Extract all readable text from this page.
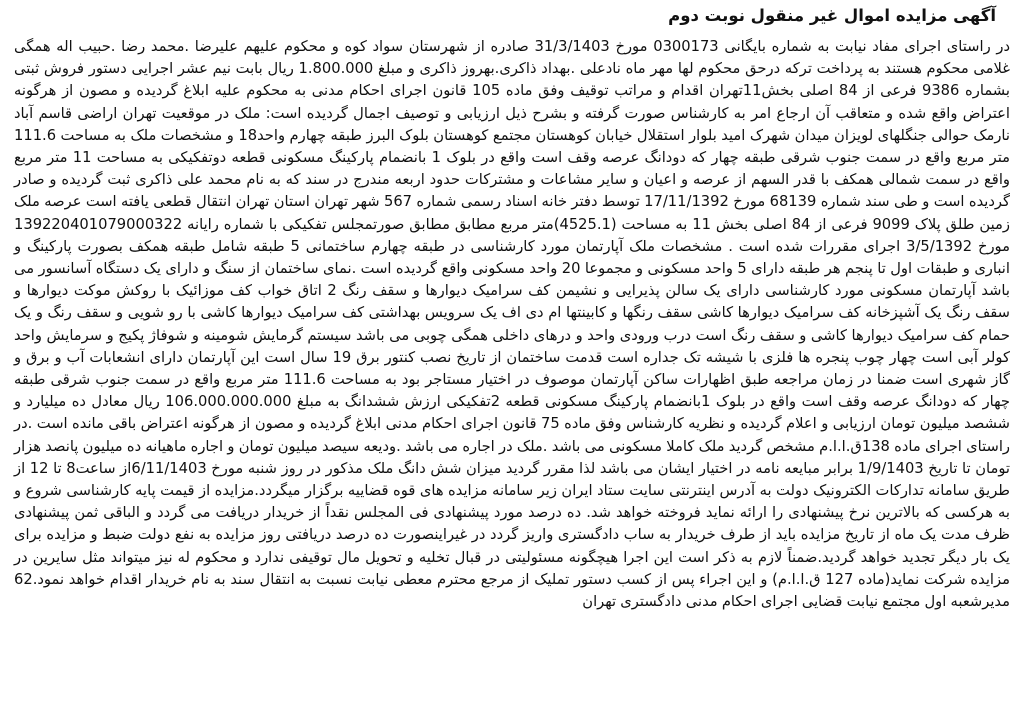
آگهی مزایده اموال غیر منقول نوبت دوم

در راستای اجرای مفاد نیابت به شماره بایگانی 0300173 مورخ 31/3/1403 صادره از شهرستان سواد کوه و محکوم علیهم علیرضا .محمد رضا .حبیب اله همگی غلامی محکوم هستند به پرداخت ترکه درحق محکوم لها مهر ماه نادعلی .بهداد ذاکری.بهروز ذاکری و مبلغ 1.800.000 ریال بابت نیم عشر اجرایی دستور فروش ثبتی بشماره 9386 فرعی از 84 اصلی بخش11تهران اقدام و مراتب توقیف وفق ماده 105 قانون اجرای احکام مدنی به محکوم علیه ابلاغ گردیده و مصون از هرگونه اعتراض واقع شده و متعاقب آن ارجاع امر به کارشناس صورت گرفته و بشرح ذیل ارزیابی و توصیف اجمال گردیده است: ملک در موقعیت تهران اراضی قاسم آباد نارمک حوالی جنگلهای لویزان میدان شهرک امید بلوار استقلال خیابان کوهستان مجتمع کوهستان بلوک البرز طبقه چهارم واحد18 و مشخصات ملک به مساحت 111.6 متر مربع واقع در سمت جنوب شرقی طبقه چهار که دودانگ عرصه وقف است واقع در بلوک 1 بانضمام پارکینگ مسکونی قطعه دوتفکیکی به مساحت 11 متر مربع واقع در سمت شمالی همکف با قدر السهم از عرصه و اعیان و سایر مشاعات و مشترکات حدود اربعه مندرج در سند که به نام محمد علی ذاکری ثبت گردیده و صادر گردیده است و طی سند شماره 68139 مورخ 17/11/1392 توسط دفتر خانه اسناد رسمی شماره 567 شهر تهران استان تهران انتقال قطعی یافته است عرصه ملک زمین طلق پلاک 9099 فرعی از 84 اصلی بخش 11 به مساحت (4525.1)متر مربع مطابق مطابق صورتمجلس تفکیکی با شماره رایانه 139220401079000322 مورخ 3/5/1392 اجرای مقررات شده است . مشخصات ملک آپارتمان مورد کارشناسی در طبقه چهارم ساختمانی 5 طبقه شامل طبقه همکف بصورت پارکینگ و انباری و طبقات اول تا پنجم هر طبقه دارای 5 واحد مسکونی و مجموعا 20 واحد مسکونی واقع گردیده است .نمای ساختمان از سنگ و دارای یک دستگاه آسانسور می باشد آپارتمان مسکونی مورد کارشناسی دارای یک سالن پذیرایی و نشیمن کف سرامیک دیوارها و سقف رنگ 2 اتاق خواب کف موزائیک با روکش موکت دیوارها و سقف رنگ یک آشپزخانه کف سرامیک دیوارها کاشی سقف رنگها و کابینتها ام دی اف یک سرویس بهداشتی کف سرامیک دیوارها کاشی با رو شویی و سقف رنگ و یک حمام کف سرامیک دیوارها کاشی و سقف رنگ است درب ورودی واحد و درهای داخلی همگی چوبی می باشد سیستم گرمایش شومینه و شوفاژ پکیج و سرمایش واحد کولر آبی است چهار چوب پنجره ها فلزی با شیشه تک جداره است قدمت ساختمان از تاریخ نصب کنتور برق 19 سال است این آپارتمان دارای انشعابات آب و برق و گاز شهری است ضمنا در زمان مراجعه طبق اظهارات ساکن آپارتمان موصوف در اختیار مستاجر بود به مساحت 111.6 متر مربع واقع در سمت جنوب شرقی طبقه چهار که دودانگ عرصه وقف است واقع در بلوک 1بانضمام پارکینگ مسکونی قطعه 2تفکیکی ارزش ششدانگ به مبلغ 106.000.000.000 ریال معادل ده میلیارد و ششصد میلیون تومان ارزیابی و اعلام گردیده و نظریه کارشناس وفق ماده 75 قانون اجرای احکام مدنی ابلاغ گردیده و مصون از هرگونه اعتراض باقی مانده است .در راستای اجرای ماده 138ق.ا.ا.م مشخص گردید ملک کاملا مسکونی می باشد .ملک در اجاره می باشد .ودیعه سیصد میلیون تومان و اجاره ماهیانه ده میلیون پانصد هزار تومان تا تاریخ 1/9/1403 برابر مبایعه نامه در اختیار ایشان می باشد لذا مقرر گردید میزان شش دانگ ملک مذکور در روز شنبه مورخ 6/11/1403از ساعت8 تا 12 از طریق سامانه تدارکات الکترونیک دولت به آدرس اینترنتی سایت ستاد ایران زیر سامانه مزایده های قوه قضاییه برگزار میگردد.مزایده از قیمت پایه کارشناسی شروع و به هرکسی که بالاترین نرخ پیشنهادی را ارائه نماید فروخته خواهد شد. ده درصد مورد پیشنهادی فی المجلس نقداً از خریدار دریافت می گردد و الباقی ثمن پیشنهادی ظرف مدت یک ماه از تاریخ مزایده باید از طرف خریدار به ساب دادگستری واریز گردد در غیراینصورت ده درصد دریافتی روز مزایده به نفع دولت ضبط و مزایده برای یک بار دیگر تجدید خواهد گردید.ضمناً لازم به ذکر است این اجرا هیچگونه مسئولیتی در قبال تخلیه و تحویل مال توقیفی ندارد و محکوم له نیز میتواند مثل سایرین در مزایده شرکت نماید(ماده 127 ق.ا.ا.م) و این اجراء پس از کسب دستور تملیک از مرجع محترم معطی نیابت نسبت به انتقال سند به نام خریدار اقدام خواهد نمود.62 مدیرشعبه اول مجتمع نیابت قضایی اجرای احکام مدنی دادگستری تهران
